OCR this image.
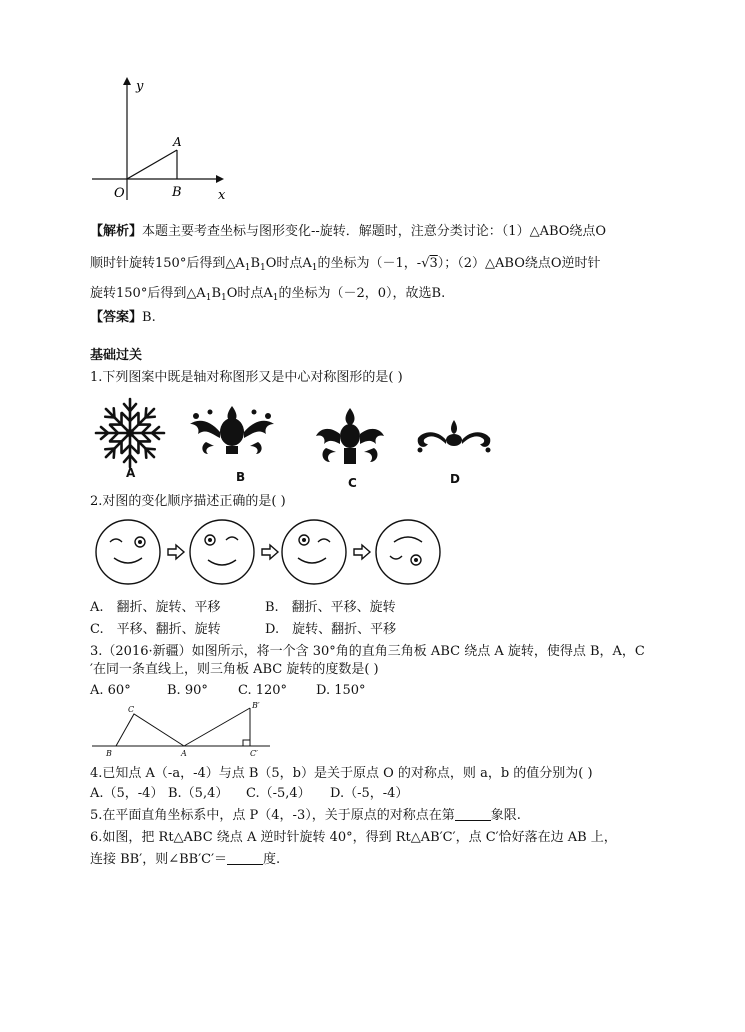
y
x
O
A
B
【解析】本题主要考查坐标与图形变化--旋转．解题时，注意分类讨论：（1）△ABO绕点O
顺时针旋转150°后得到$\triangle A_1B_1O$时点$A_1$的坐标为（－1，-√3）；（2）△ABO绕点O逆时针
旋转150°后得到$\triangle A_1B_1O$时点$A_1$的坐标为（－2，0），故选B.
【答案】B.
基础过关
1.下列图案中既是轴对称图形又是中心对称图形的是( )
A	B	C	D
2.对图的变化顺序描述正确的是( )
A.　翻折、旋转、平移	B.　翻折、平移、旋转
C.　平移、翻折、旋转	D.　旋转、翻折、平移
3.（2016·新疆）如图所示，将一个含 30°角的直角三角板 ABC 绕点 A 旋转，使得点 B，A，C
′在同一条直线上，则三角板 ABC 旋转的度数是( )
A. 60°	B. 90° C. 120° D. 150°
C	B′
B	A	C′
4.已知点 A（-a，-4）与点 B（5，b）是关于原点 O 的对称点，则 a，b 的值分别为( )
A.（5，-4） B.（5,4） C.（-5,4） D.（-5，-4）
5.在平面直角坐标系中，点 P（4，-3），关于原点的对称点在第	象限.
6.如图，把 Rt△ABC 绕点 A 逆时针旋转 40°，得到 Rt△AB′C′，点 C′恰好落在边 AB 上，
连接 BB′，则∠BB′C′＝	度.
